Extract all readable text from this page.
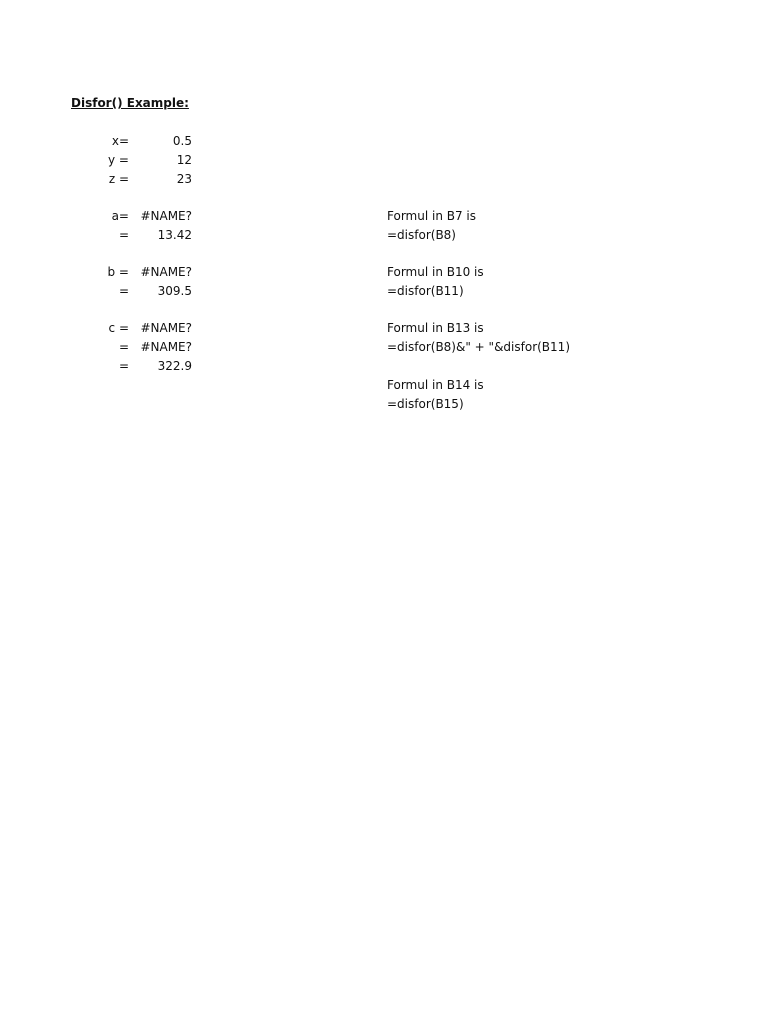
Disfor() Example:
x=
y =
z =
a=
=
b =
=
c =
=
=
0.5
12
23
#NAME?
13.42
#NAME?
309.5
#NAME?
#NAME?
322.9
Formul in B7 is
=disfor(B8)
Formul in B10 is
=disfor(B11)
Formul in B13 is
=disfor(B8)&" + "&disfor(B11)
Formul in B14 is
=disfor(B15)
